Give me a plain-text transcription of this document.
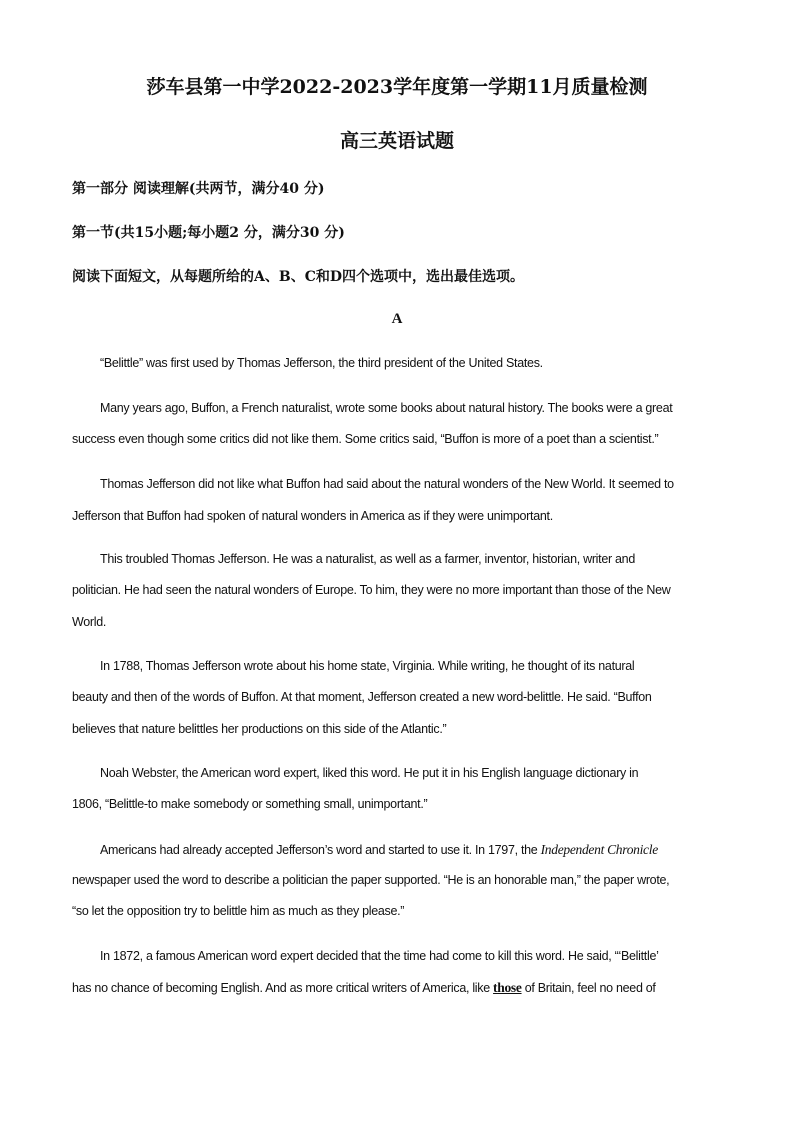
莎车县第一中学2022-2023学年度第一学期11月质量检测
高三英语试题
第一部分 阅读理解(共两节，满分40 分)
第一节(共15小题;每小题2 分，满分30 分)
阅读下面短文，从每题所给的A、B、C和D四个选项中，选出最佳选项。
A
“Belittle” was first used by Thomas Jefferson, the third president of the United States.
Many years ago, Buffon, a French naturalist, wrote some books about natural history. The books were a great
success even though some critics did not like them. Some critics said, “Buffon is more of a poet than a scientist.”
Thomas Jefferson did not like what Buffon had said about the natural wonders of the New World. It seemed to
Jefferson that Buffon had spoken of natural wonders in America as if they were unimportant.
This troubled Thomas Jefferson. He was a naturalist, as well as a farmer, inventor, historian, writer and
politician. He had seen the natural wonders of Europe. To him, they were no more important than those of the New
World.
In 1788, Thomas Jefferson wrote about his home state, Virginia. While writing, he thought of its natural
beauty and then of the words of Buffon. At that moment, Jefferson created a new word-belittle. He said. “Buffon
believes that nature belittles her productions on this side of the Atlantic.”
Noah Webster, the American word expert, liked this word. He put it in his English language dictionary in
1806, “Belittle-to make somebody or something small, unimportant.”
Americans had already accepted Jefferson’s word and started to use it. In 1797, the Independent Chronicle
newspaper used the word to describe a politician the paper supported. “He is an honorable man,” the paper wrote,
“so let the opposition try to belittle him as much as they please.”
In 1872, a famous American word expert decided that the time had come to kill this word. He said, “‘Belittle’
has no chance of becoming English. And as more critical writers of America, like those of Britain, feel no need of
